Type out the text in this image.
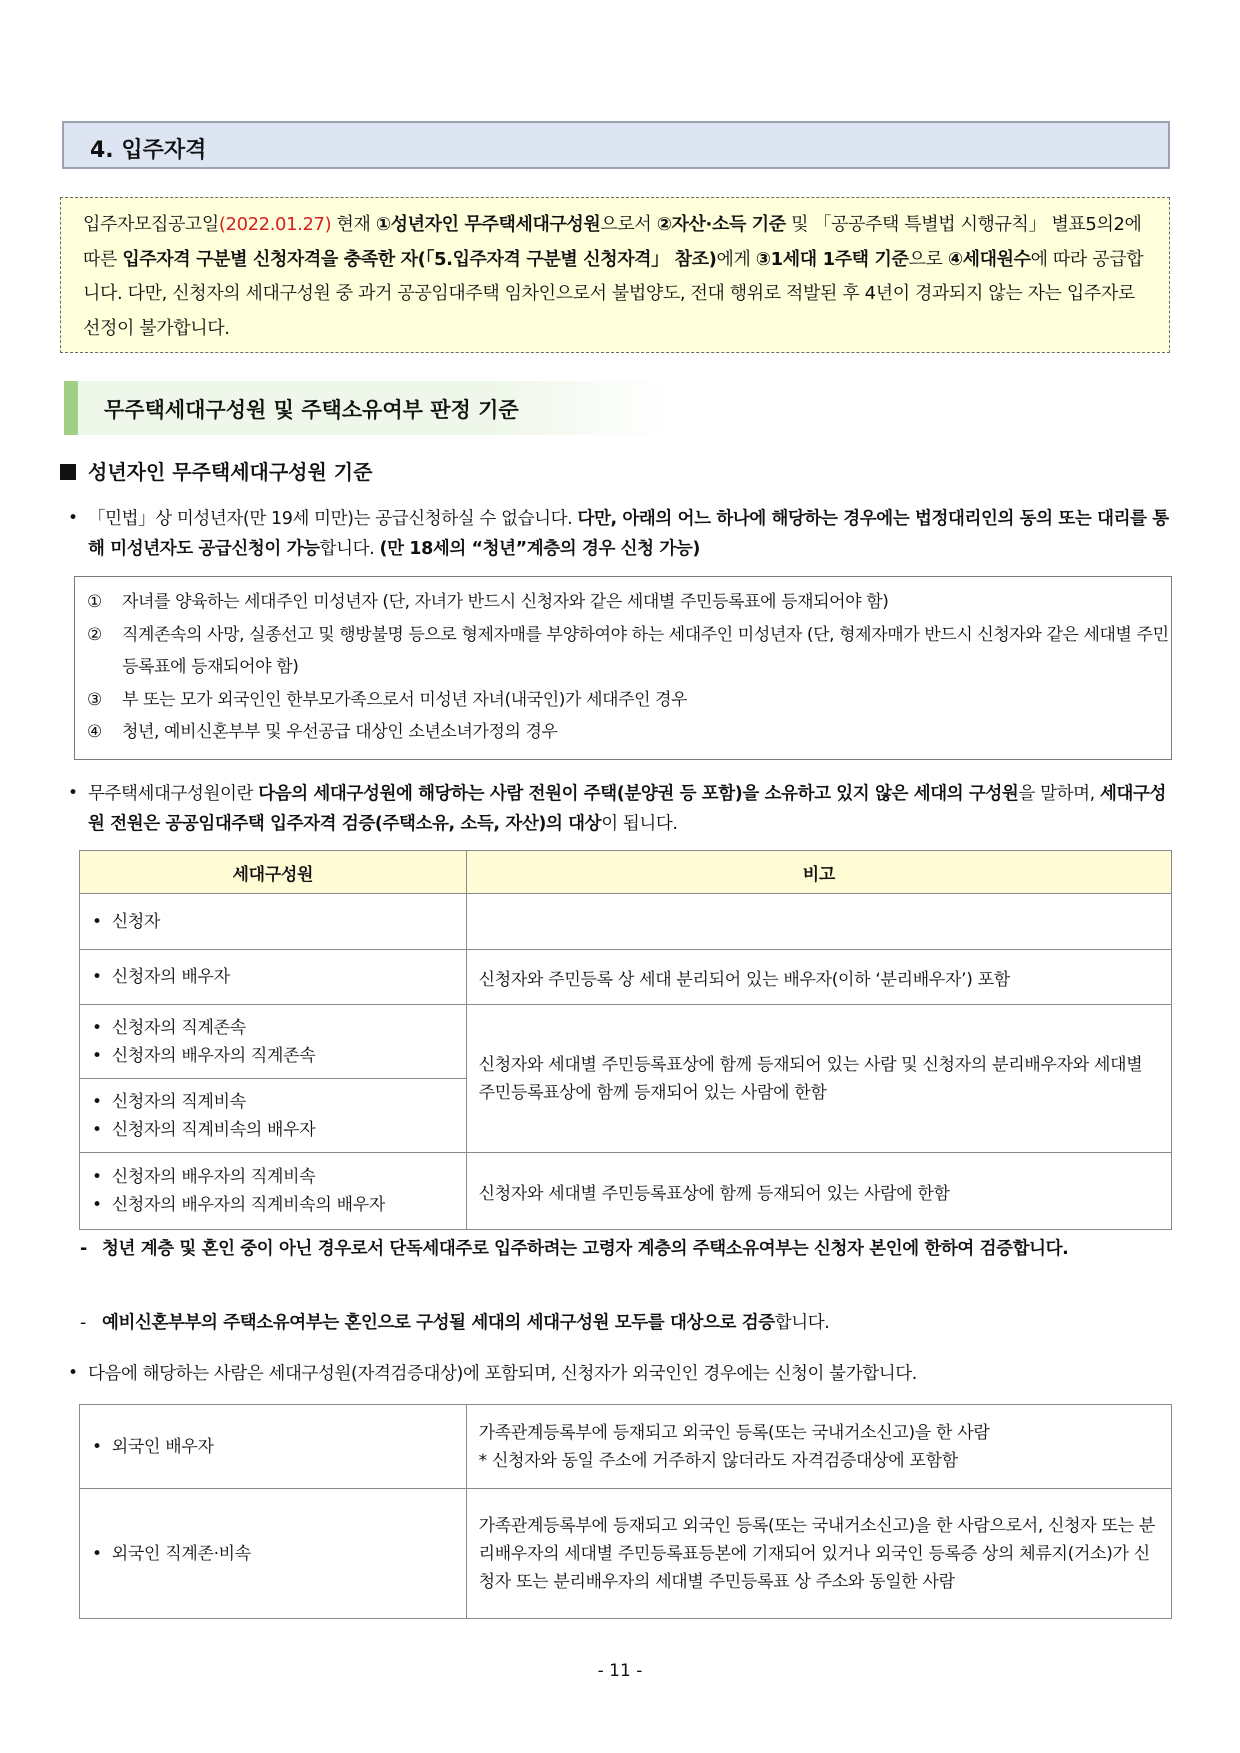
4. 입주자격
입주자모집공고일(2022.01.27) 현재 ①성년자인 무주택세대구성원으로서 ②자산·소득 기준 및 「공공주택 특별법 시행규칙」 별표5의2에 따른 입주자격 구분별 신청자격을 충족한 자(「5.입주자격 구분별 신청자격」 참조)에게 ③1세대 1주택 기준으로 ④세대원수에 따라 공급합니다. 다만, 신청자의 세대구성원 중 과거 공공임대주택 임차인으로서 불법양도, 전대 행위로 적발된 후 4년이 경과되지 않는 자는 입주자로 선정이 불가합니다.
무주택세대구성원 및 주택소유여부 판정 기준
성년자인 무주택세대구성원 기준
• 「민법」상 미성년자(만 19세 미만)는 공급신청하실 수 없습니다. 다만, 아래의 어느 하나에 해당하는 경우에는 법정대리인의 동의 또는 대리를 통해 미성년자도 공급신청이 가능합니다. (만 18세의 “청년”계층의 경우 신청 가능)
① 자녀를 양육하는 세대주인 미성년자 (단, 자녀가 반드시 신청자와 같은 세대별 주민등록표에 등재되어야 함)
② 직계존속의 사망, 실종선고 및 행방불명 등으로 형제자매를 부양하여야 하는 세대주인 미성년자 (단, 형제자매가 반드시 신청자와 같은 세대별 주민등록표에 등재되어야 함)
③ 부 또는 모가 외국인인 한부모가족으로서 미성년 자녀(내국인)가 세대주인 경우
④ 청년, 예비신혼부부 및 우선공급 대상인 소년소녀가정의 경우
• 무주택세대구성원이란 다음의 세대구성원에 해당하는 사람 전원이 주택(분양권 등 포함)을 소유하고 있지 않은 세대의 구성원을 말하며, 세대구성원 전원은 공공임대주택 입주자격 검증(주택소유, 소득, 자산)의 대상이 됩니다.
세대구성원	비고

• 신청자

• 신청자의 배우자	신청자와 주민등록 상 세대 분리되어 있는 배우자(이하 ‘분리배우자’) 포함

• 신청자의 직계존속
• 신청자의 배우자의 직계존속	신청자와 세대별 주민등록표상에 함께 등재되어 있는 사람 및 신청자의 분리배우자와 세대별 주민등록표상에 함께 등재되어 있는 사람에 한함

• 신청자의 직계비속
• 신청자의 직계비속의 배우자

• 신청자의 배우자의 직계비속
• 신청자의 배우자의 직계비속의 배우자	신청자와 세대별 주민등록표상에 함께 등재되어 있는 사람에 한함
- 청년 계층 및 혼인 중이 아닌 경우로서 단독세대주로 입주하려는 고령자 계층의 주택소유여부는 신청자 본인에 한하여 검증합니다.
- 예비신혼부부의 주택소유여부는 혼인으로 구성될 세대의 세대구성원 모두를 대상으로 검증합니다.
• 다음에 해당하는 사람은 세대구성원(자격검증대상)에 포함되며, 신청자가 외국인인 경우에는 신청이 불가합니다.
• 외국인 배우자	가족관계등록부에 등재되고 외국인 등록(또는 국내거소신고)을 한 사람
* 신청자와 동일 주소에 거주하지 않더라도 자격검증대상에 포함함

• 외국인 직계존·비속	가족관계등록부에 등재되고 외국인 등록(또는 국내거소신고)을 한 사람으로서, 신청자 또는 분리배우자의 세대별 주민등록표등본에 기재되어 있거나 외국인 등록증 상의 체류지(거소)가 신청자 또는 분리배우자의 세대별 주민등록표 상 주소와 동일한 사람
- 11 -
